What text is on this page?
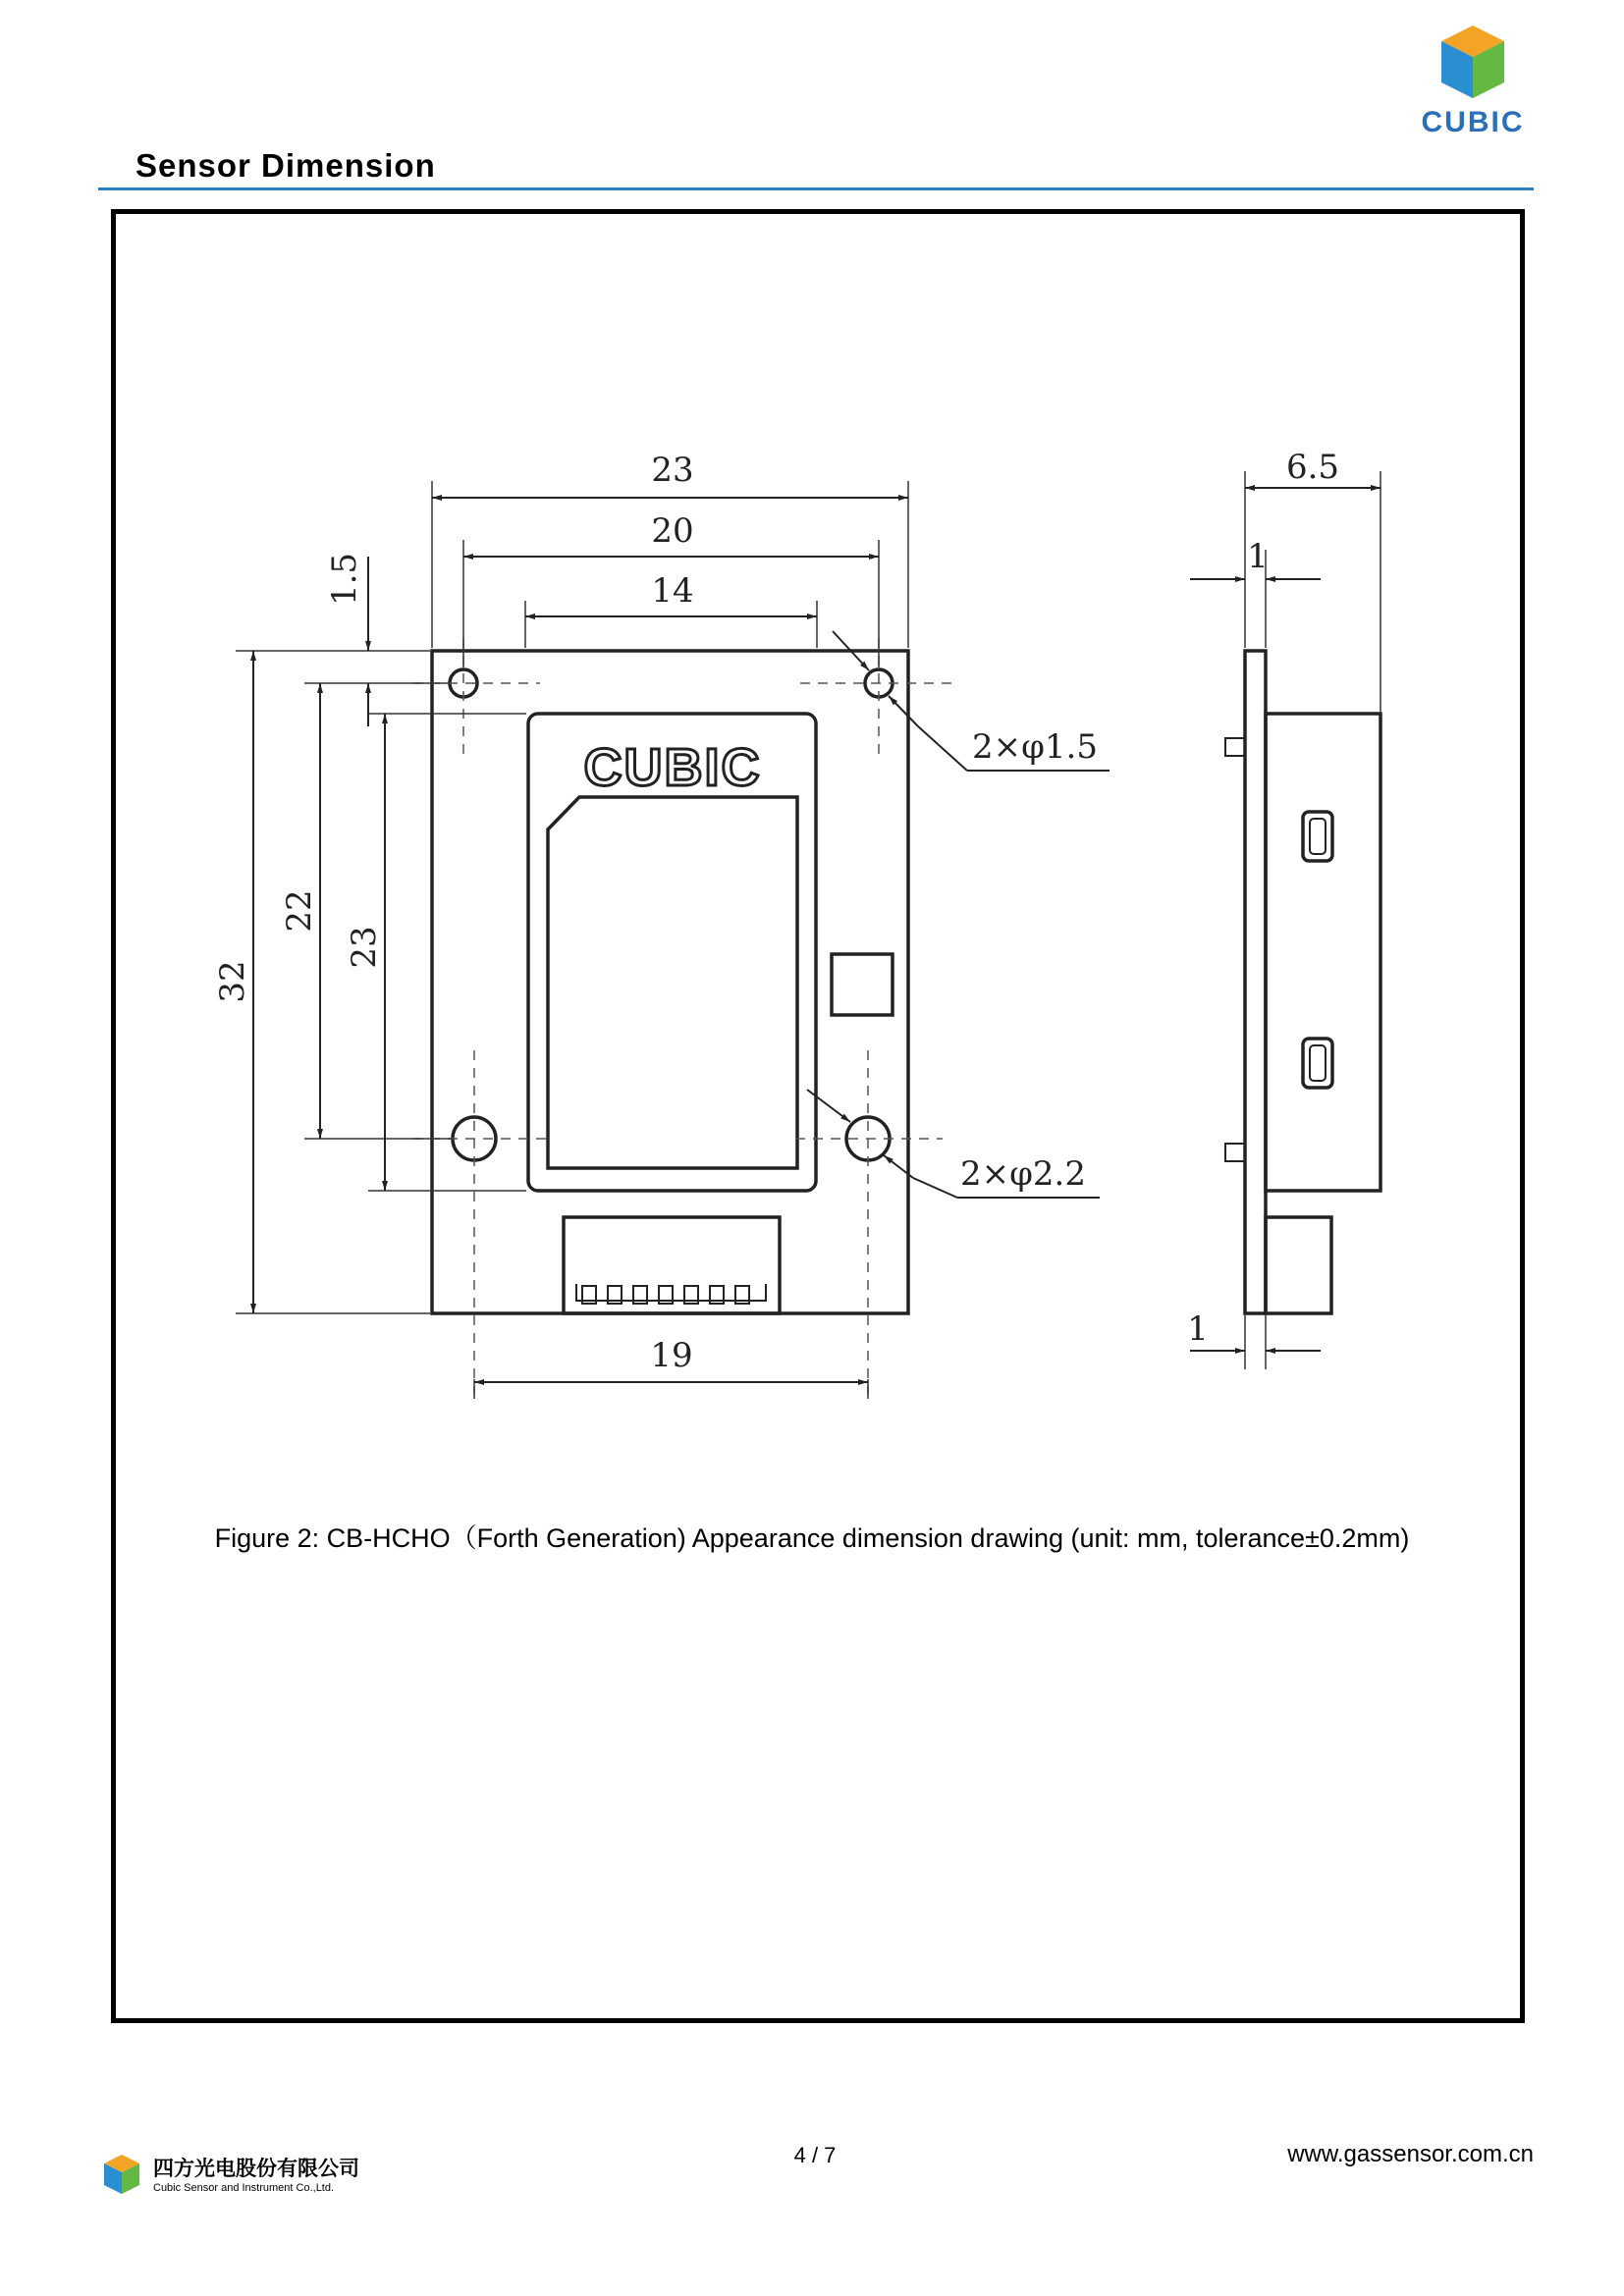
CUBIC
Sensor Dimension
CUBIC
23
20
14
19
32
22
23
1.5
2×φ1.5
2×φ2.2
6.5
1
1
Figure 2: CB-HCHO（Forth Generation) Appearance dimension drawing (unit: mm, tolerance±0.2mm)
四方光电股份有限公司
Cubic Sensor and Instrument Co.,Ltd.
4 / 7	www.gassensor.com.cn
